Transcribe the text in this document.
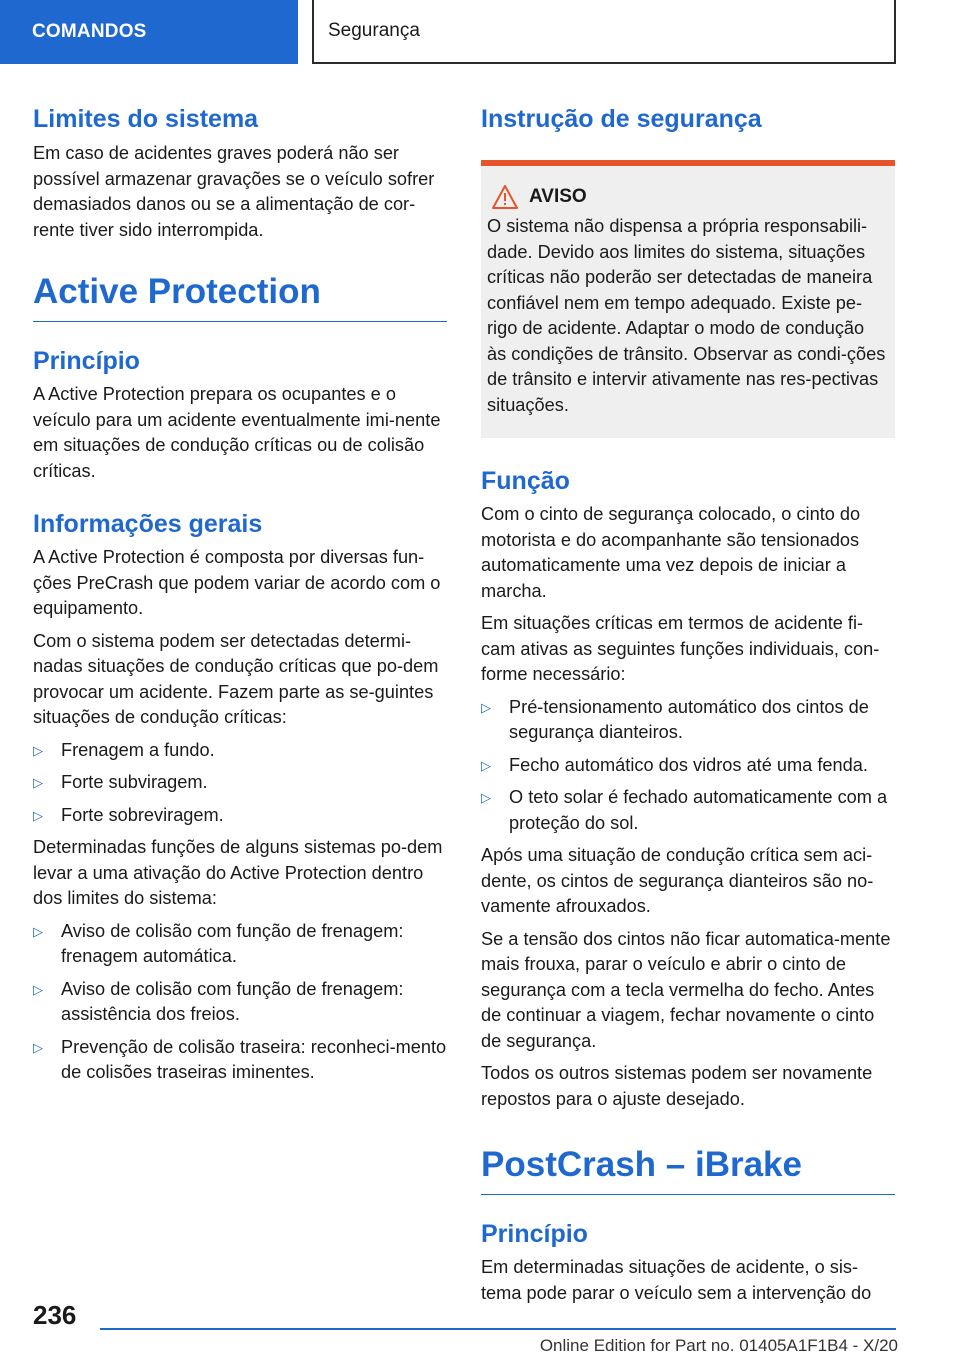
COMANDOS	Segurança
Limites do sistema

Em caso de acidentes graves poderá não ser possível armazenar gravações se o veículo sofrer demasiados danos ou se a alimentação de cor‐rente tiver sido interrompida.

Active Protection
Princípio

A Active Protection prepara os ocupantes e o veículo para um acidente eventualmente imi‐nente em situações de condução críticas ou de colisão críticas.

Informações gerais

A Active Protection é composta por diversas fun‐ções PreCrash que podem variar de acordo com o equipamento.

Com o sistema podem ser detectadas determi‐nadas situações de condução críticas que po‐dem provocar um acidente. Fazem parte as se‐guintes situações de condução críticas:

▷ Frenagem a fundo.
▷ Forte subviragem.
▷ Forte sobreviragem.

Determinadas funções de alguns sistemas po‐dem levar a uma ativação do Active Protection dentro dos limites do sistema:

▷ Aviso de colisão com função de frenagem: frenagem automática.
▷ Aviso de colisão com função de frenagem: assistência dos freios.
▷ Prevenção de colisão traseira: reconheci‐mento de colisões traseiras iminentes.
Instrução de segurança
AVISO

O sistema não dispensa a própria responsabili‐dade. Devido aos limites do sistema, situações críticas não poderão ser detectadas de maneira confiável nem em tempo adequado. Existe pe‐rigo de acidente. Adaptar o modo de condução às condições de trânsito. Observar as condi‐ções de trânsito e intervir ativamente nas res‐pectivas situações.

Função

Com o cinto de segurança colocado, o cinto do motorista e do acompanhante são tensionados automaticamente uma vez depois de iniciar a marcha.

Em situações críticas em termos de acidente fi‐cam ativas as seguintes funções individuais, con‐forme necessário:

▷ Pré-tensionamento automático dos cintos de segurança dianteiros.
▷ Fecho automático dos vidros até uma fenda.
▷ O teto solar é fechado automaticamente com a proteção do sol.

Após uma situação de condução crítica sem aci‐dente, os cintos de segurança dianteiros são no‐vamente afrouxados.

Se a tensão dos cintos não ficar automatica‐mente mais frouxa, parar o veículo e abrir o cinto de segurança com a tecla vermelha do fecho. Antes de continuar a viagem, fechar novamente o cinto de segurança.

Todos os outros sistemas podem ser novamente repostos para o ajuste desejado.

PostCrash – iBrake
Princípio

Em determinadas situações de acidente, o sis‐tema pode parar o veículo sem a intervenção do

236
Online Edition for Part no. 01405A1F1B4 - X/20
